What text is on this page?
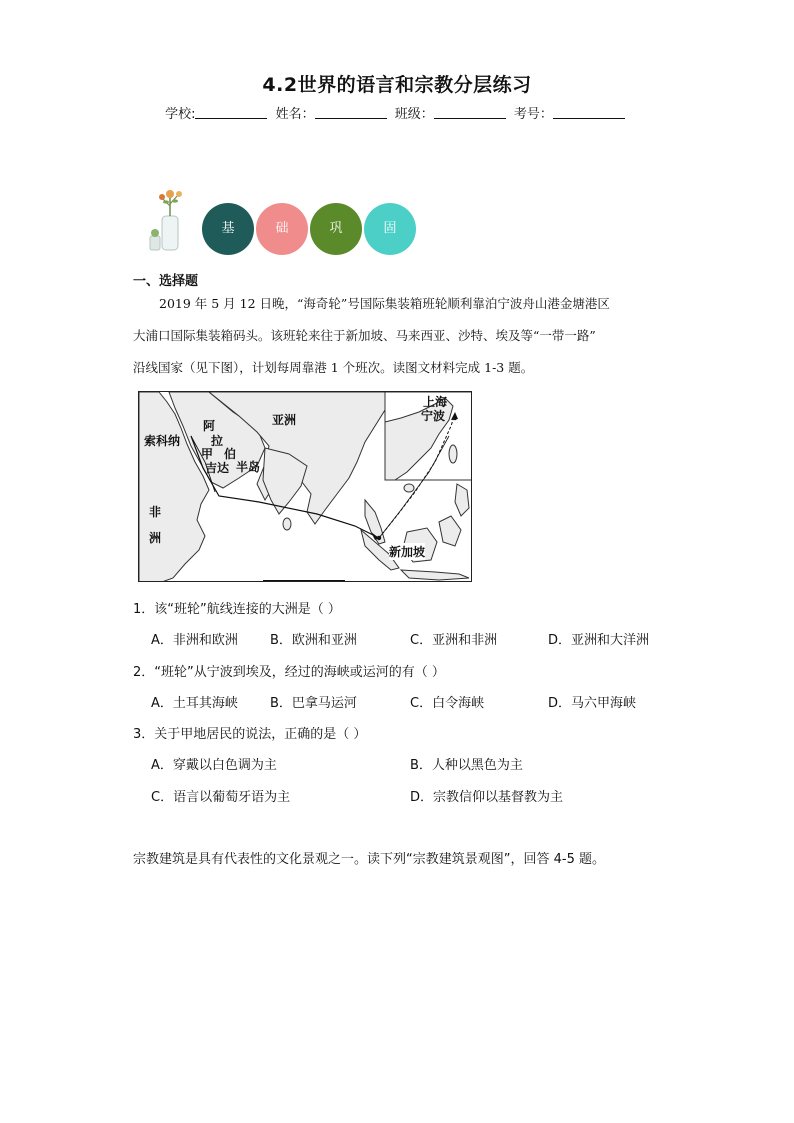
4.2世界的语言和宗教分层练习
学校:	姓名：	班级：	考号：
基	础	巩	固
一、选择题
2019 年 5 月 12 日晚，“海奇轮”号国际集装箱班轮顺利靠泊宁波舟山港金塘港区
大浦口国际集装箱码头。该班轮来往于新加坡、马来西亚、沙特、埃及等“一带一路”
沿线国家（见下图），计划每周靠港 1 个班次。读图文材料完成 1-3 题。
索科纳
阿
拉
甲 伯
吉达 半岛
亚洲
非
洲
上海
宁波
新加坡
1．该“班轮”航线连接的大洲是（ ）
A．非洲和欧洲 B．欧洲和亚洲	C．亚洲和非洲	D．亚洲和大洋洲
2．“班轮”从宁波到埃及，经过的海峡或运河的有（ ）
A．土耳其海峡 B．巴拿马运河	C．白令海峡	D．马六甲海峡
3．关于甲地居民的说法，正确的是（ ）
A．穿戴以白色调为主	B．人种以黑色为主
C．语言以葡萄牙语为主	D．宗教信仰以基督教为主
宗教建筑是具有代表性的文化景观之一。读下列“宗教建筑景观图”，回答 4-5 题。
